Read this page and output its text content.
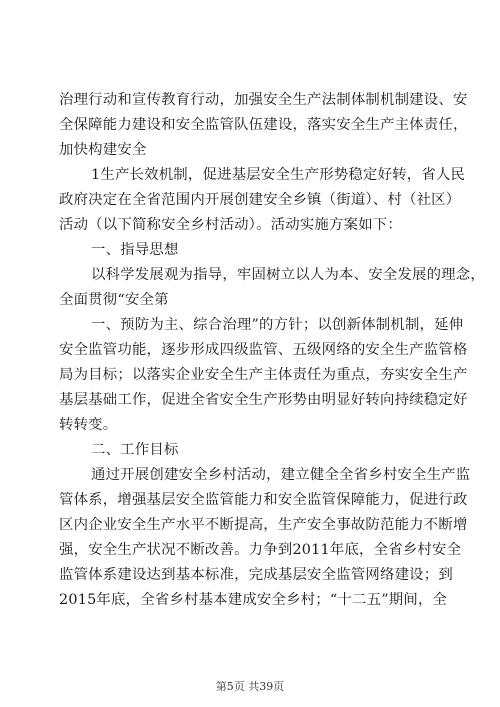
治理行动和宣传教育行动，加强安全生产法制体制机制建设、安
全保障能力建设和安全监管队伍建设，落实安全生产主体责任，
加快构建安全
1生产长效机制，促进基层安全生产形势稳定好转，省人民
政府决定在全省范围内开展创建安全乡镇（街道）、村（社区）
活动（以下简称安全乡村活动）。活动实施方案如下：
一、指导思想
以科学发展观为指导，牢固树立以人为本、安全发展的理念，
全面贯彻“安全第
一、预防为主、综合治理”的方针；以创新体制机制，延伸
安全监管功能，逐步形成四级监管、五级网络的安全生产监管格
局为目标；以落实企业安全生产主体责任为重点，夯实安全生产
基层基础工作，促进全省安全生产形势由明显好转向持续稳定好
转转变。
二、工作目标
通过开展创建安全乡村活动，建立健全全省乡村安全生产监
管体系，增强基层安全监管能力和安全监管保障能力，促进行政
区内企业安全生产水平不断提高，生产安全事故防范能力不断增
强，安全生产状况不断改善。力争到2011年底，全省乡村安全
监管体系建设达到基本标准，完成基层安全监管网络建设；到
2015年底，全省乡村基本建成安全乡村；“十二五”期间，全
第5页 共39页
